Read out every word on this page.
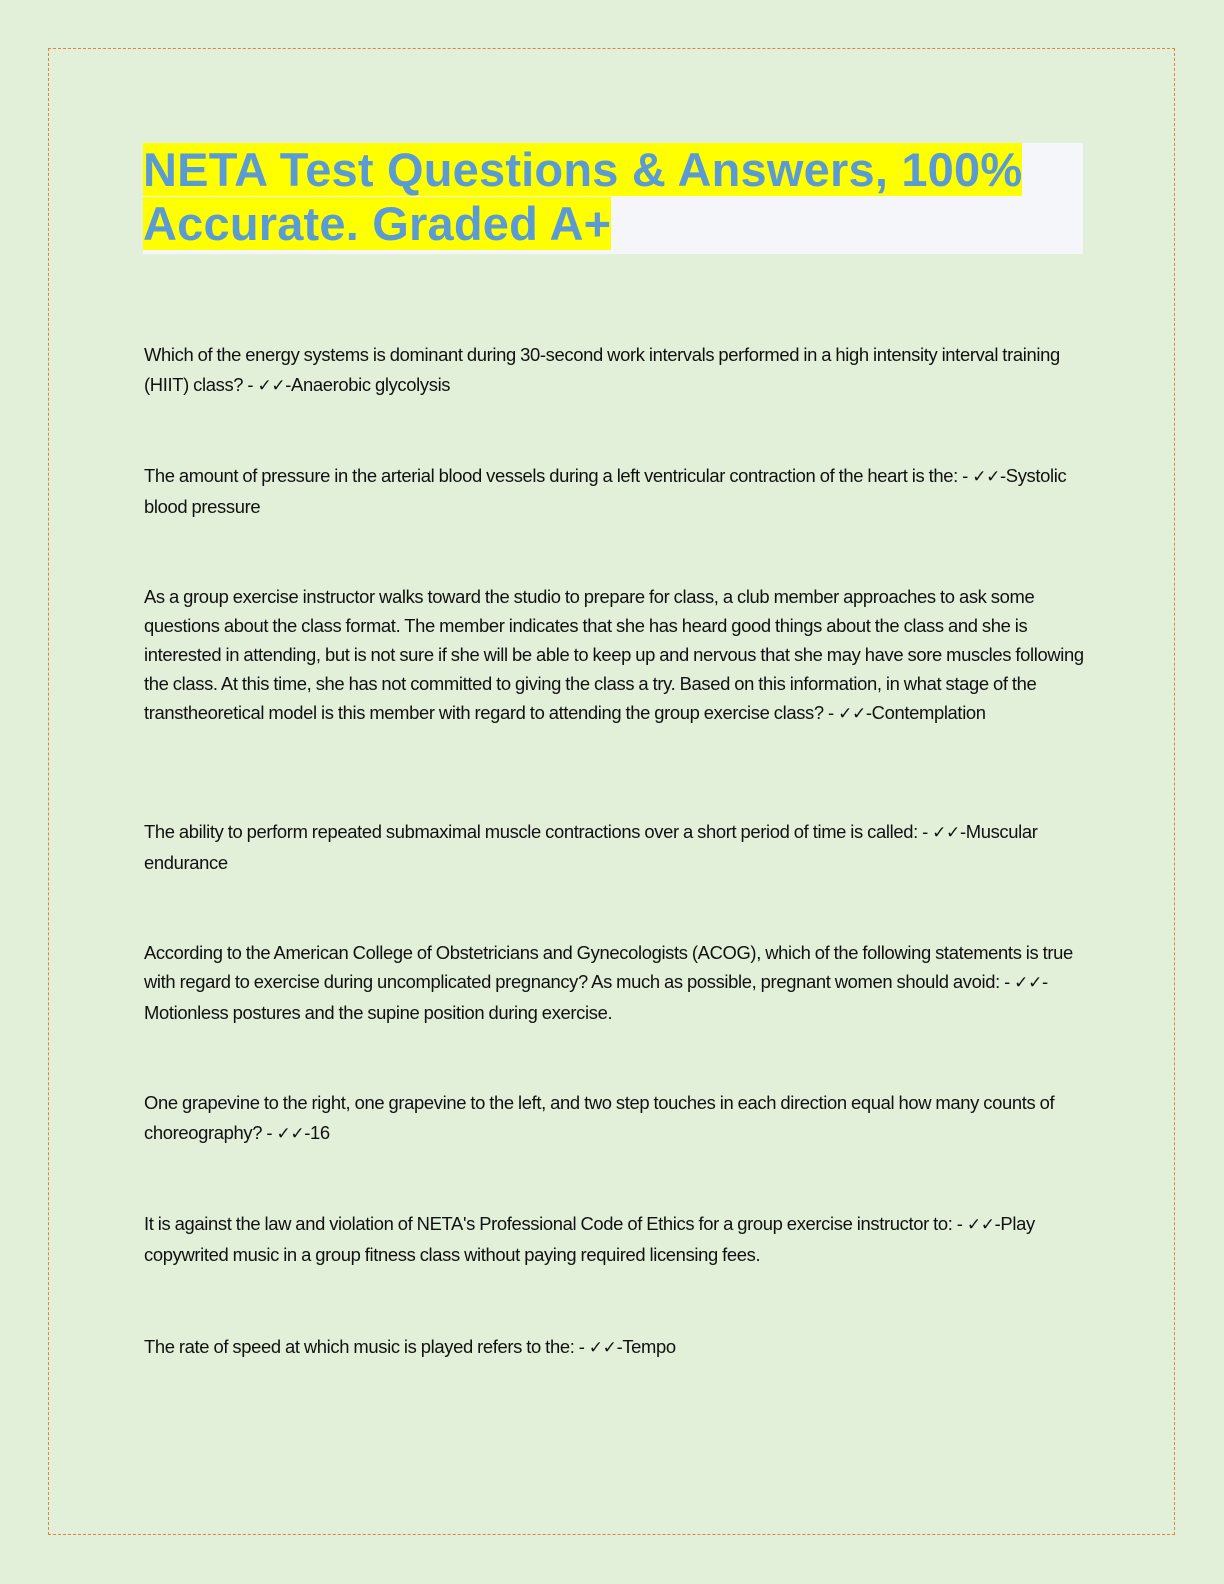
NETA Test Questions & Answers, 100%
Accurate. Graded A+

Which of the energy systems is dominant during 30-second work intervals performed in a high intensity interval training (HIIT) class? - ✓✓-Anaerobic glycolysis

The amount of pressure in the arterial blood vessels during a left ventricular contraction of the heart is the: - ✓✓-Systolic blood pressure

As a group exercise instructor walks toward the studio to prepare for class, a club member approaches to ask some questions about the class format. The member indicates that she has heard good things about the class and she is interested in attending, but is not sure if she will be able to keep up and nervous that she may have sore muscles following the class. At this time, she has not committed to giving the class a try. Based on this information, in what stage of the transtheoretical model is this member with regard to attending the group exercise class? - ✓✓-Contemplation

The ability to perform repeated submaximal muscle contractions over a short period of time is called: - ✓✓-Muscular endurance

According to the American College of Obstetricians and Gynecologists (ACOG), which of the following statements is true with regard to exercise during uncomplicated pregnancy? As much as possible, pregnant women should avoid: - ✓✓-Motionless postures and the supine position during exercise.

One grapevine to the right, one grapevine to the left, and two step touches in each direction equal how many counts of choreography? - ✓✓-16

It is against the law and violation of NETA's Professional Code of Ethics for a group exercise instructor to: - ✓✓-Play copywrited music in a group fitness class without paying required licensing fees.

The rate of speed at which music is played refers to the: - ✓✓-Tempo
